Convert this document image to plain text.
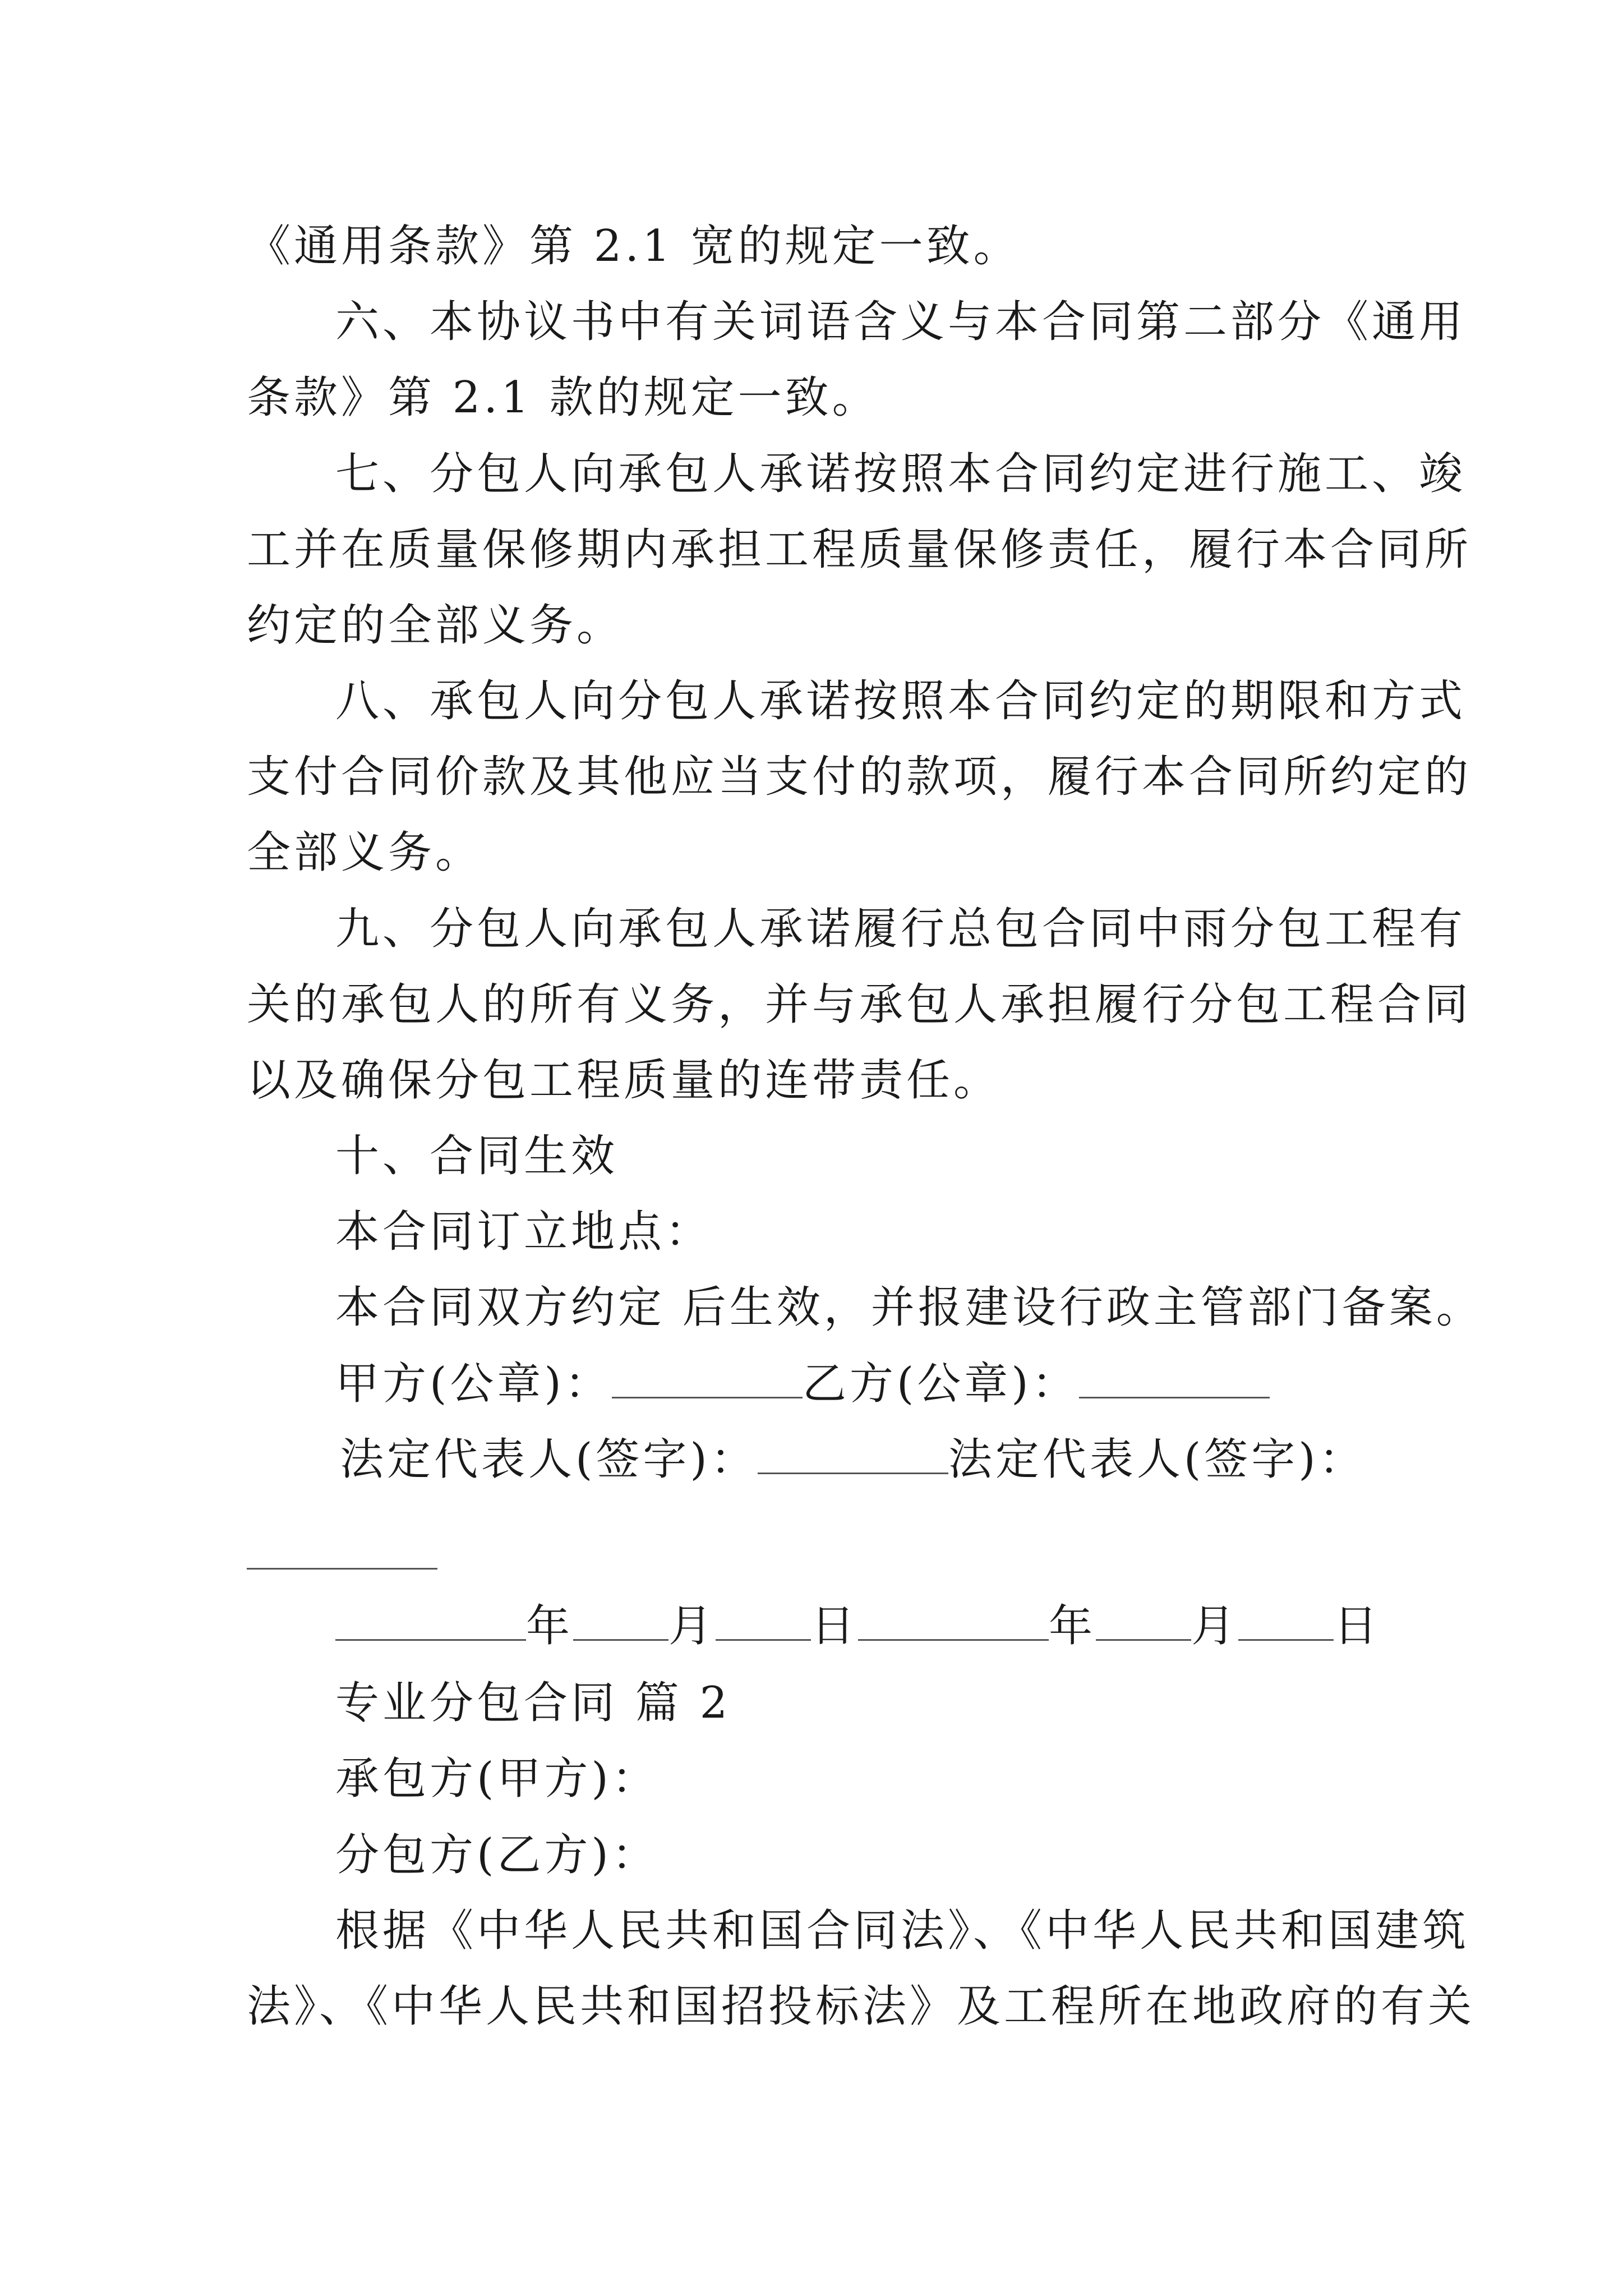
《通用条款》第 2.1 宽的规定一致。
六、本协议书中有关词语含义与本合同第二部分《通用
条款》第 2.1 款的规定一致。
七、分包人向承包人承诺按照本合同约定进行施工、竣
工并在质量保修期内承担工程质量保修责任，履行本合同所
约定的全部义务。
八、承包人向分包人承诺按照本合同约定的期限和方式
支付合同价款及其他应当支付的款项，履行本合同所约定的
全部义务。
九、分包人向承包人承诺履行总包合同中雨分包工程有
关的承包人的所有义务，并与承包人承担履行分包工程合同
以及确保分包工程质量的连带责任。
十、合同生效
本合同订立地点：
本合同双方约定 后生效，并报建设行政主管部门备案。
甲方(公章)：	乙方(公章)：
法定代表人(签字)：	法定代表人(签字)：
年 月 日	年 月 日
专业分包合同 篇 2
承包方(甲方)：
分包方(乙方)：
根据《中华人民共和国合同法》、《中华人民共和国建筑
法》、《中华人民共和国招投标法》及工程所在地政府的有关
